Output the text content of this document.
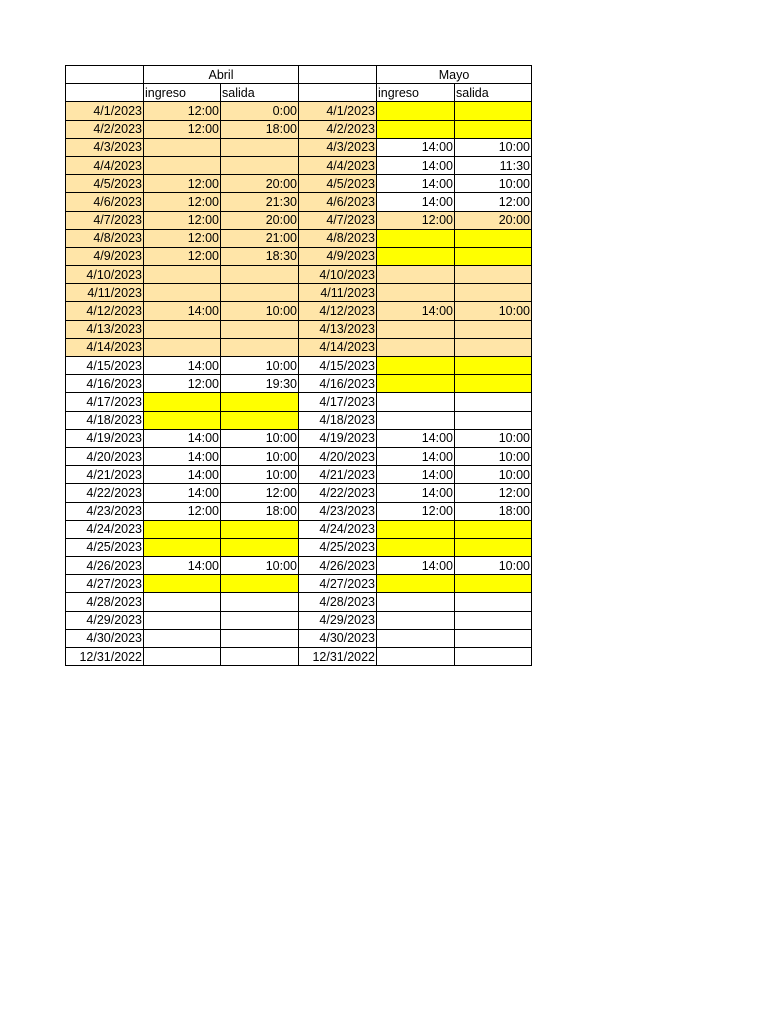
	Abril			Mayo	
	ingreso	salida		ingreso	salida
4/1/2023	12:00	0:00	4/1/2023		
4/2/2023	12:00	18:00	4/2/2023		
4/3/2023			4/3/2023	14:00	10:00
4/4/2023			4/4/2023	14:00	11:30
4/5/2023	12:00	20:00	4/5/2023	14:00	10:00
4/6/2023	12:00	21:30	4/6/2023	14:00	12:00
4/7/2023	12:00	20:00	4/7/2023	12:00	20:00
4/8/2023	12:00	21:00	4/8/2023		
4/9/2023	12:00	18:30	4/9/2023		
4/10/2023			4/10/2023		
4/11/2023			4/11/2023		
4/12/2023	14:00	10:00	4/12/2023	14:00	10:00
4/13/2023			4/13/2023		
4/14/2023			4/14/2023		
4/15/2023	14:00	10:00	4/15/2023		
4/16/2023	12:00	19:30	4/16/2023		
4/17/2023			4/17/2023		
4/18/2023			4/18/2023		
4/19/2023	14:00	10:00	4/19/2023	14:00	10:00
4/20/2023	14:00	10:00	4/20/2023	14:00	10:00
4/21/2023	14:00	10:00	4/21/2023	14:00	10:00
4/22/2023	14:00	12:00	4/22/2023	14:00	12:00
4/23/2023	12:00	18:00	4/23/2023	12:00	18:00
4/24/2023			4/24/2023		
4/25/2023			4/25/2023		
4/26/2023	14:00	10:00	4/26/2023	14:00	10:00
4/27/2023			4/27/2023		
4/28/2023			4/28/2023		
4/29/2023			4/29/2023		
4/30/2023			4/30/2023		
12/31/2022			12/31/2022		
